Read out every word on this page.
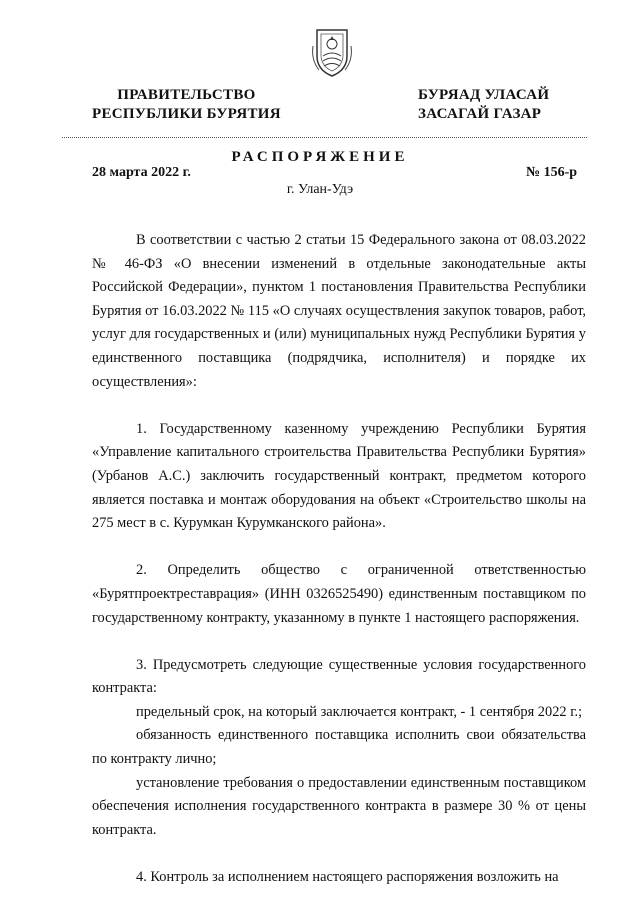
ПРАВИТЕЛЬСТВО
РЕСПУБЛИКИ БУРЯТИЯ
БУРЯАД УЛАСАЙ
ЗАСАГАЙ ГАЗАР
РАСПОРЯЖЕНИЕ
28 марта 2022 г.	№ 156-р
г. Улан-Удэ

В соответствии с частью 2 статьи 15 Федерального закона от 08.03.2022 № 46-ФЗ «О внесении изменений в отдельные законодательные акты Российской Федерации», пунктом 1 постановления Правительства Республики Бурятия от 16.03.2022 № 115 «О случаях осуществления закупок товаров, работ, услуг для государственных и (или) муниципальных нужд Республики Бурятия у единственного поставщика (подрядчика, исполнителя) и порядке их осуществления»:

1. Государственному казенному учреждению Республики Бурятия «Управление капитального строительства Правительства Республики Бурятия» (Урбанов А.С.) заключить государственный контракт, предметом которого является поставка и монтаж оборудования на объект «Строительство школы на 275 мест в с. Курумкан Курумканского района».

2. Определить общество с ограниченной ответственностью «Бурятпроектреставрация» (ИНН 0326525490) единственным поставщиком по государственному контракту, указанному в пункте 1 настоящего распоряжения.

3. Предусмотреть следующие существенные условия государственного контракта:

предельный срок, на который заключается контракт, - 1 сентября 2022 г.;

обязанность единственного поставщика исполнить свои обязательства по контракту лично;

установление требования о предоставлении единственным поставщиком обеспечения исполнения государственного контракта в размере 30 % от цены контракта.

4. Контроль за исполнением настоящего распоряжения возложить на
